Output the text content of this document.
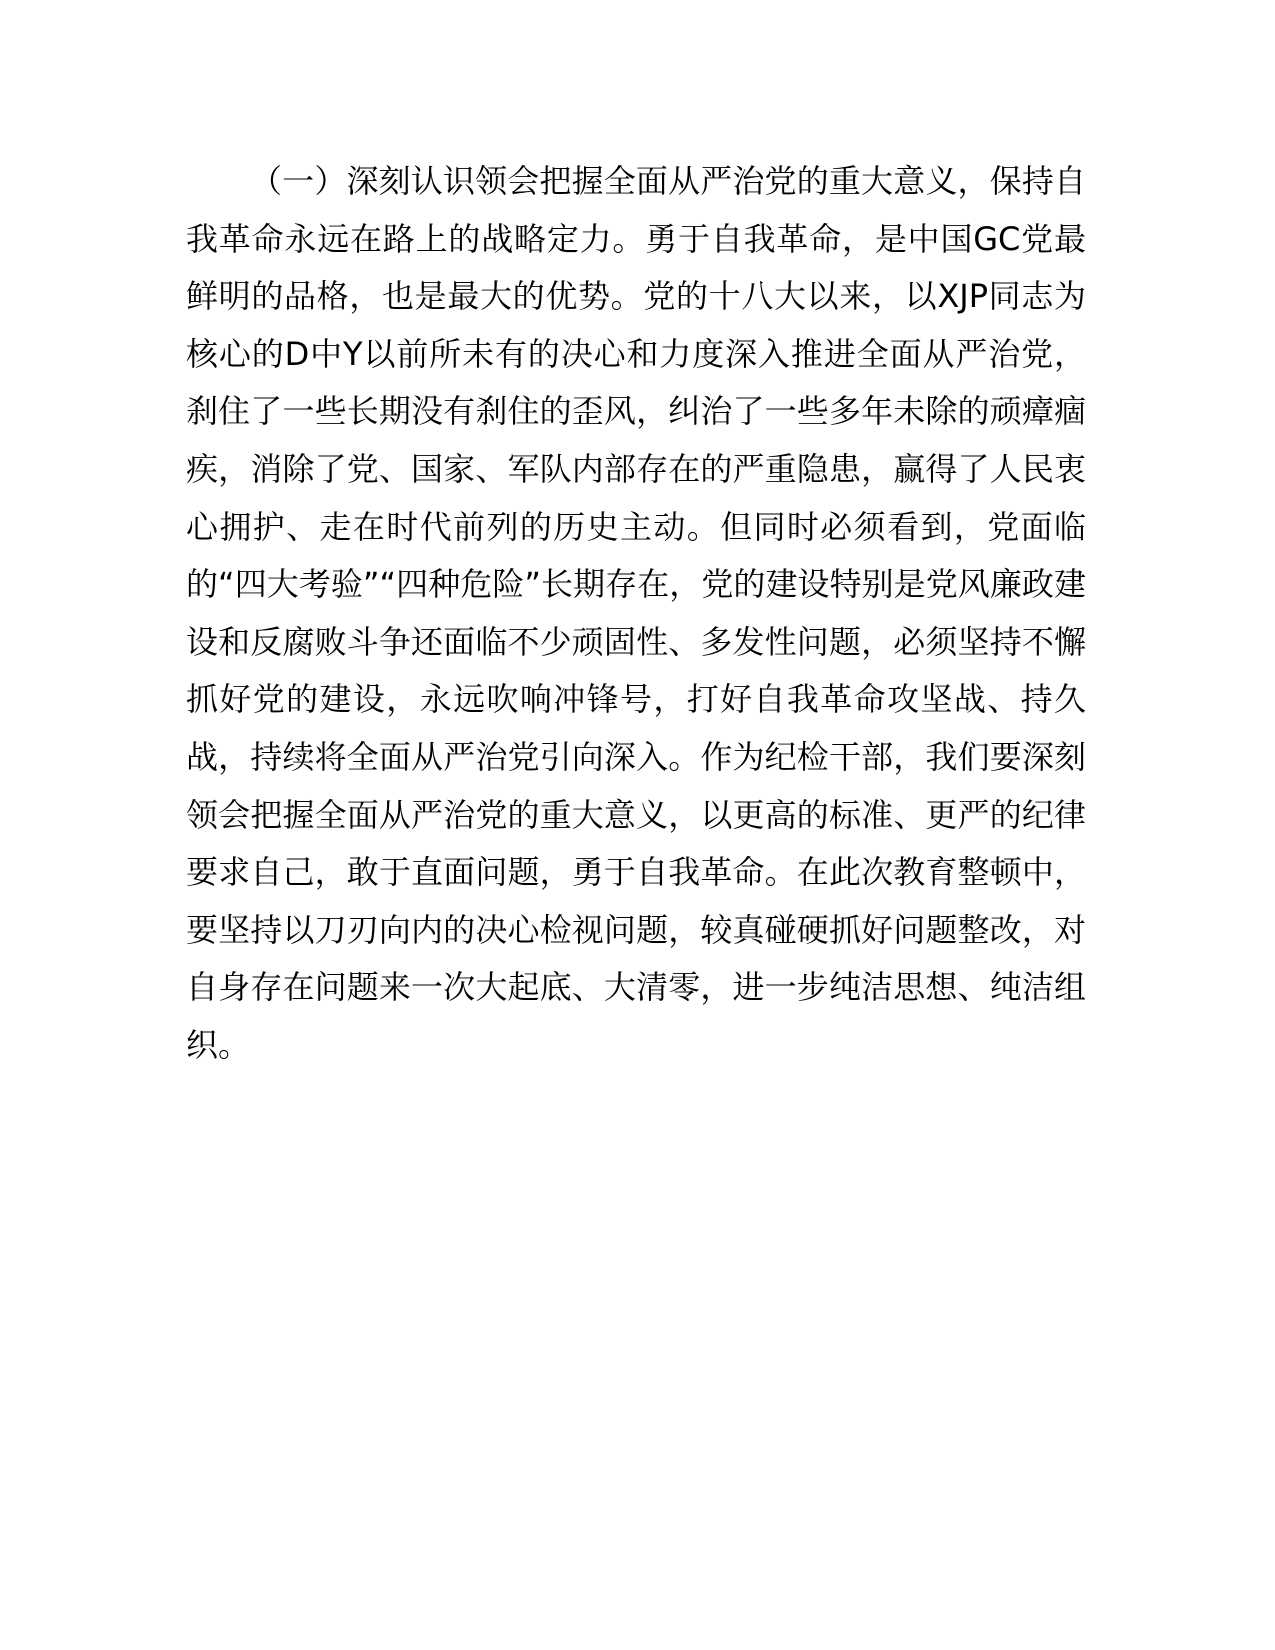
（一）深刻认识领会把握全面从严治党的重大意义，保持自我革命永远在路上的战略定力。勇于自我革命，是中国GC党最鲜明的品格，也是最大的优势。党的十八大以来，以XJP同志为核心的D中Y以前所未有的决心和力度深入推进全面从严治党，刹住了一些长期没有刹住的歪风，纠治了一些多年未除的顽瘴痼疾，消除了党、国家、军队内部存在的严重隐患，赢得了人民衷心拥护、走在时代前列的历史主动。但同时必须看到，党面临的“四大考验”“四种危险”长期存在，党的建设特别是党风廉政建设和反腐败斗争还面临不少顽固性、多发性问题，必须坚持不懈抓好党的建设，永远吹响冲锋号，打好自我革命攻坚战、持久战，持续将全面从严治党引向深入。作为纪检干部，我们要深刻领会把握全面从严治党的重大意义，以更高的标准、更严的纪律要求自己，敢于直面问题，勇于自我革命。在此次教育整顿中，要坚持以刀刃向内的决心检视问题，较真碰硬抓好问题整改，对自身存在问题来一次大起底、大清零，进一步纯洁思想、纯洁组织。
